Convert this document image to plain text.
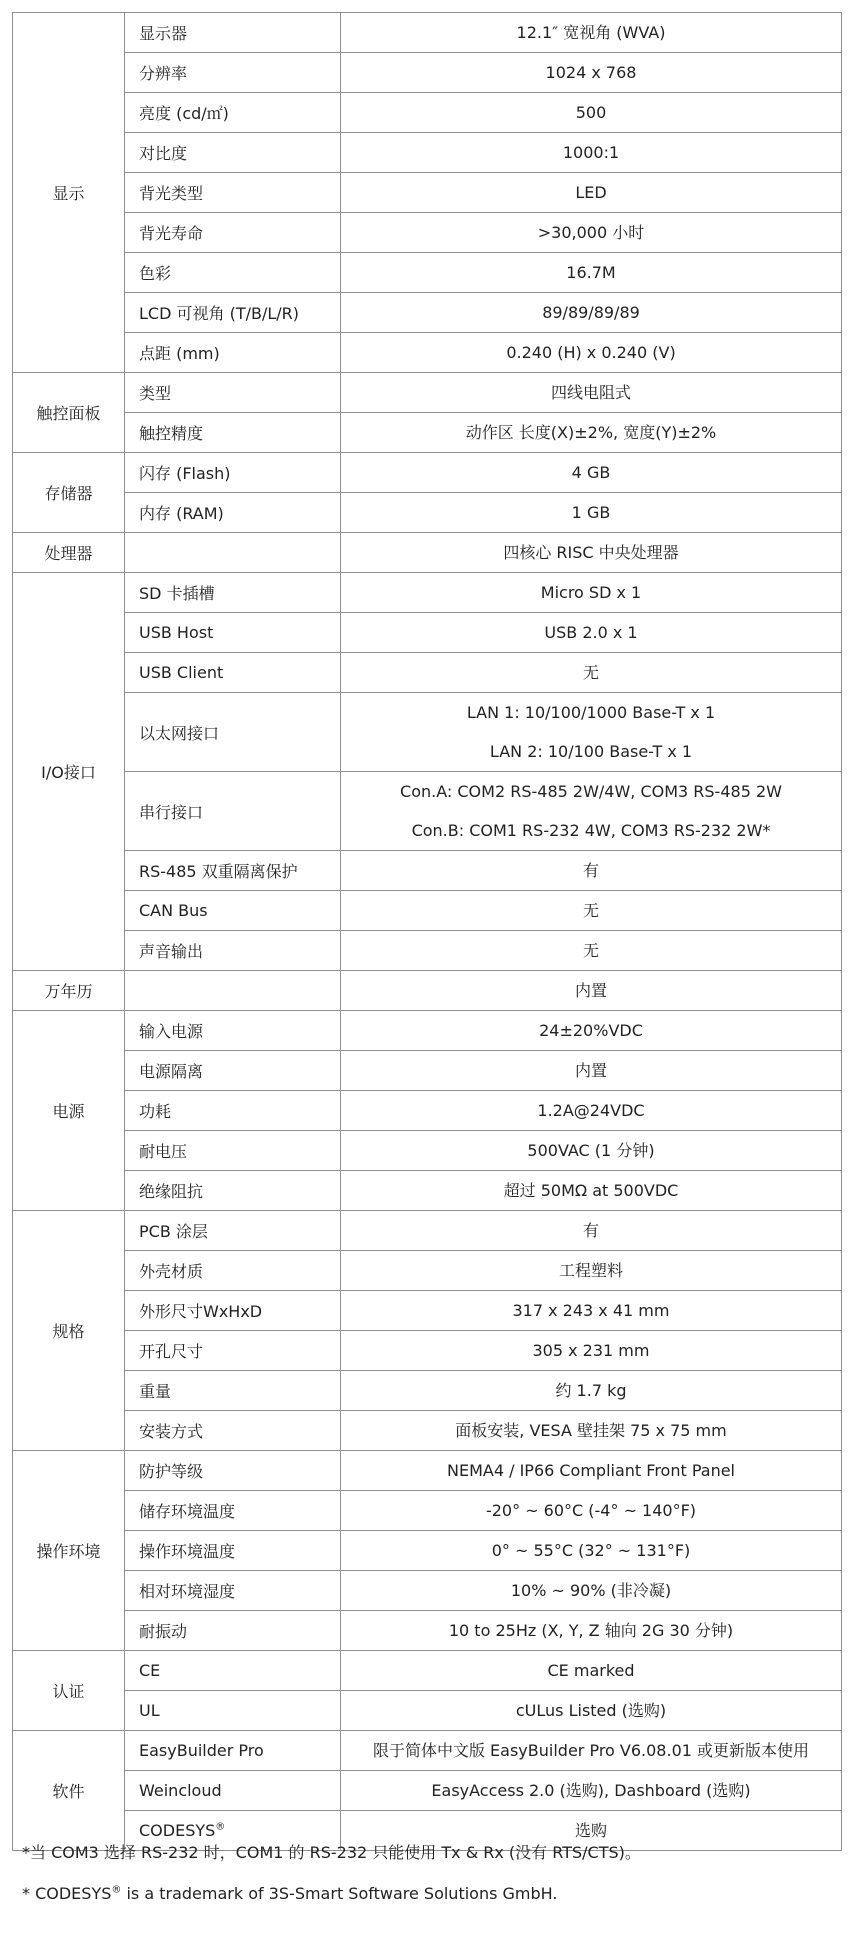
显示	显示器	12.1″ 宽视角 (WVA)

	分辨率	1024 x 768

	亮度 (cd/㎡)	500

	对比度	1000:1

	背光类型	LED

	背光寿命	>30,000 小时

	色彩	16.7M

	LCD 可视角 (T/B/L/R)	89/89/89/89

	点距 (mm)	0.240 (H) x 0.240 (V)

触控面板	类型	四线电阻式

	触控精度	动作区 长度(X)±2%, 宽度(Y)±2%

存储器	闪存 (Flash)	4 GB

	内存 (RAM)	1 GB

处理器		四核心 RISC 中央处理器

I/O接口	SD 卡插槽	Micro SD x 1

	USB Host	USB 2.0 x 1

	USB Client	无

	以太网接口	LAN 1: 10/100/1000 Base-T x 1
LAN 2: 10/100 Base-T x 1

	串行接口	Con.A: COM2 RS-485 2W/4W, COM3 RS-485 2W
Con.B: COM1 RS-232 4W, COM3 RS-232 2W*

	RS-485 双重隔离保护	有

	CAN Bus	无

	声音输出	无

万年历		内置

电源	输入电源	24±20%VDC

	电源隔离	内置

	功耗	1.2A@24VDC

	耐电压	500VAC (1 分钟)

	绝缘阻抗	超过 50MΩ at 500VDC

规格	PCB 涂层	有

	外壳材质	工程塑料

	外形尺寸WxHxD	317 x 243 x 41 mm

	开孔尺寸	305 x 231 mm

	重量	约 1.7 kg

	安装方式	面板安装, VESA 壁挂架 75 x 75 mm

操作环境	防护等级	NEMA4 / IP66 Compliant Front Panel

	储存环境温度	-20° ~ 60°C (-4° ~ 140°F)

	操作环境温度	0° ~ 55°C (32° ~ 131°F)

	相对环境湿度	10% ~ 90% (非冷凝)

	耐振动	10 to 25Hz (X, Y, Z 轴向 2G 30 分钟)

认证	CE	CE marked

	UL	cULus Listed (选购)

软件	EasyBuilder Pro	限于简体中文版 EasyBuilder Pro V6.08.01 或更新版本使用

	Weincloud	EasyAccess 2.0 (选购), Dashboard (选购)

	CODESYS®	选购
*当 COM3 选择 RS-232 时，COM1 的 RS-232 只能使用 Tx & Rx (没有 RTS/CTS)。
* CODESYS® is a trademark of 3S-Smart Software Solutions GmbH.
